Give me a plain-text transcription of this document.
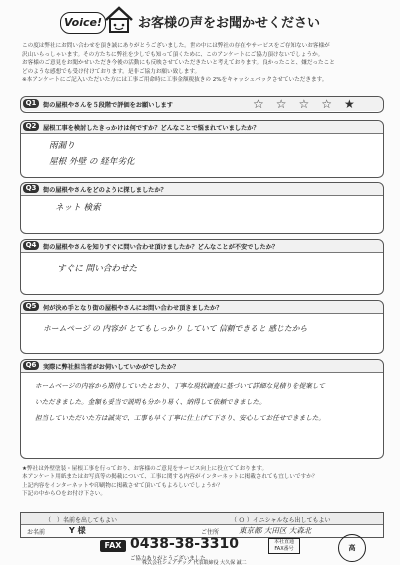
Voice!	お客様の声をお聞かせください

この度は弊社にお問い合わせを頂き誠にありがとうございました。世の中には弊社の存在やサービスをご存知ないお客様が

沢山いらっしゃいます。その方たちに弊社を少しでも知って頂くために、このアンケートにご協力頂けないでしょうか。

お客様のご意見をお聞かせいただき今後の活動にも反映させていただきたいと考えております。良かったこと、嫌だったこと

どのような感想でも受け付けております。是非ご協力お願い致します。

※本アンケートにご記入いただいた方には工事ご用命時に工事金額税抜きの 2%をキャッシュバックさせていただきます。

Q1	街の屋根やさんを５段階で評価をお願いします	☆☆☆☆★
Q2	屋根工事を検討したきっかけは何ですか？どんなことで悩まれていましたか？
雨漏り
屋根 外壁 の 経年劣化
Q3	街の屋根やさんをどのように探しましたか？
ネット 検索
Q4	街の屋根やさんを知りすぐに問い合わせ頂けましたか？どんなことが不安でしたか？
すぐに 問い合わせた
Q5	何が決め手となり街の屋根やさんにお問い合わせ頂きましたか？
ホームページ の 内容が とてもしっかり していて 信頼できると 感じたから
Q6	実際に弊社担当者がお伺いしていかがでしたか？
ホームページの内容から期待していたとおり、丁寧な現状調査に基づいて詳細な見積りを提案して
いただきました。金額も妥当で説明も分かり易く、納得して依頼できました。
担当していただいた方は誠実で、工事も早く丁寧に仕上げて下さり、安心してお任せできました。

★弊社は外壁塗装・屋根工事を行っており、お客様のご意見をサービス向上に役立てております。

本アンケート用紙またはお写真等の掲載について、工事に関する内容がインターネットに掲載されても宜しいですか？

上記内容をインターネットや印刷物に掲載させて頂いてもよろしいでしょうか？

下記の中からＯをお付け下さい。

（　）名前を出してもよい	（ Ｏ ）イニシャルなら出してもよい
お名前	Y 様	ご住所	東京都 大田区 大森北
FAX 0438-38-3310	本社直通 FAX番号
ご協力ありがとうございました。
株式会社シェアテック 代表取締役 大久保 誠二
高
